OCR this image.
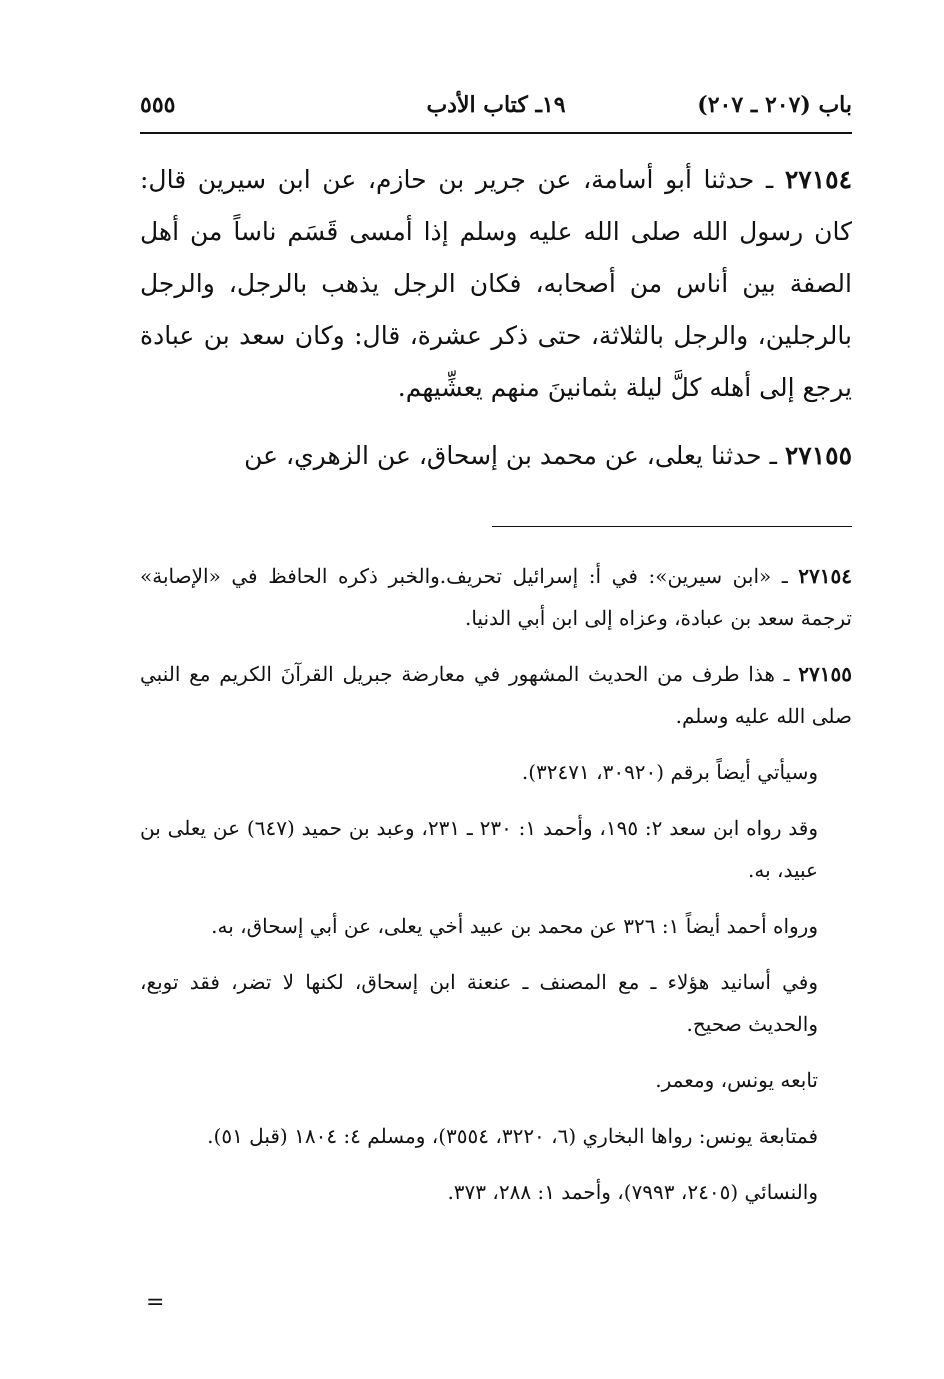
باب (٢٠٧ ـ ٢٠٧)
١٩ـ كتاب الأدب
٥٥٥

٢٧١٥٤ ـ حدثنا أبو أسامة، عن جرير بن حازم، عن ابن سيرين قال: كان رسول الله صلى الله عليه وسلم إذا أمسى قَسَم ناساً من أهل الصفة بين أناس من أصحابه، فكان الرجل يذهب بالرجل، والرجل بالرجلين، والرجل بالثلاثة، حتى ذكر عشرة، قال: وكان سعد بن عبادة يرجع إلى أهله كلَّ ليلة بثمانينَ منهم يعشِّيهم.

٢٧١٥٥ ـ حدثنا يعلى، عن محمد بن إسحاق، عن الزهري، عن

٢٧١٥٤ ـ «ابن سيرين»: في أ: إسرائيل تحريف.والخبر ذكره الحافظ في «الإصابة» ترجمة سعد بن عبادة، وعزاه إلى ابن أبي الدنيا.

٢٧١٥٥ ـ هذا طرف من الحديث المشهور في معارضة جبريل القرآنَ الكريم مع النبي صلى الله عليه وسلم.

وسيأتي أيضاً برقم (٣٠٩٢٠، ٣٢٤٧١).

وقد رواه ابن سعد ٢: ١٩٥، وأحمد ١: ٢٣٠ ـ ٢٣١، وعبد بن حميد (٦٤٧) عن يعلى بن عبيد، به.

ورواه أحمد أيضاً ١: ٣٢٦ عن محمد بن عبيد أخي يعلى، عن أبي إسحاق، به.

وفي أسانيد هؤلاء ـ مع المصنف ـ عنعنة ابن إسحاق، لكنها لا تضر، فقد توبع، والحديث صحيح.

تابعه يونس، ومعمر.

فمتابعة يونس: رواها البخاري (٦، ٣٢٢٠، ٣٥٥٤)، ومسلم ٤: ١٨٠٤ (قبل ٥١).

والنسائي (٢٤٠٥، ٧٩٩٣)، وأحمد ١: ٢٨٨، ٣٧٣.

=
